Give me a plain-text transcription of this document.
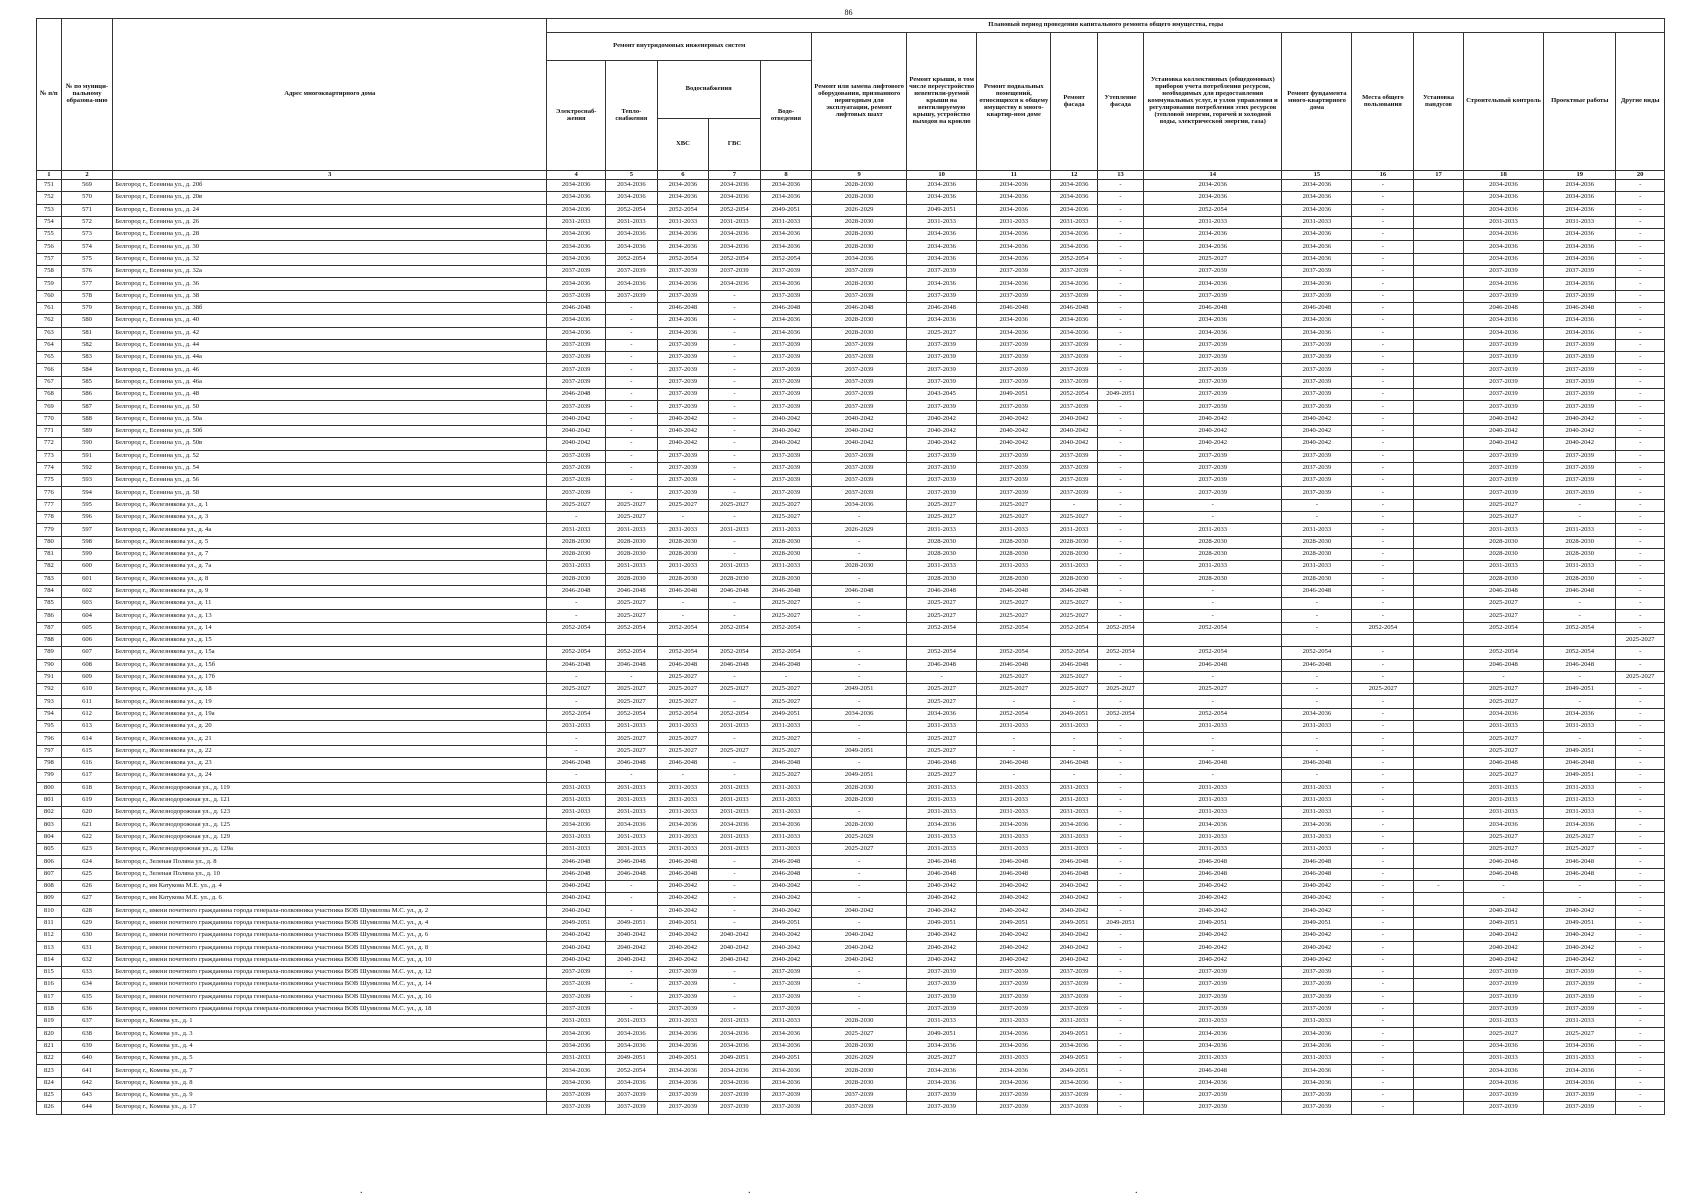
86
№ п/п	№ по муници-пальному образова-нию	Адрес многоквартирного дома	Плановый период проведения капитального ремонта общего имущества, годы																
			Ремонт внутридомовых инженерных систем					Ремонт или замена лифтового оборудования, признанного неригодным для эксплуатации, ремонт лифтовых шахт	Ремонт крыши, в том числе переустройство невентили-руемой крыши на вентилируемую крышу, устройство выходов на кровлю	Ремонт подвальных помещений, относящихся к общему имуществу в много-квартир-ном доме	Ремонт фасада	Утепление фасада	Установка коллективных (общедомовых) приборов учета потребления ресурсов, необходимых для предоставления коммунальных услуг, и узлов управления и регулирования потребления этих ресурсов (тепловой энергии, горячей и холодной воды, электрической энергии, газа)	Ремонт фундамента много-квартирного дома	Места общего пользования	Установка пандусов	Строительный контроль	Проектные работы	Другие виды
			Электроснаб-жения	Тепло-снабжения	Водоснабжения		Водо-отведения												
					ХВС	ГВС													
1	2	3	4	5	6	7	8	9	10	11	12	13	14	15	16	17	18	19	20
751	569	Белгород г., Есенина ул., д. 20б	2034-2036	2034-2036	2034-2036	2034-2036	2034-2036	2028-2030	2034-2036	2034-2036	2034-2036	-	2034-2036	2034-2036	-		2034-2036	2034-2036	-
752	570	Белгород г., Есенина ул., д. 20в	2034-2036	2034-2036	2034-2036	2034-2036	2034-2036	2028-2030	2034-2036	2034-2036	2034-2036	-	2034-2036	2034-2036	-		2034-2036	2034-2036	-
753	571	Белгород г., Есенина ул., д. 24	2034-2036	2052-2054	2052-2054	2052-2054	2049-2051	2026-2029	2049-2051	2034-2036	2034-2036	-	2052-2054	2034-2036	-		2034-2036	2034-2036	-
754	572	Белгород г., Есенина ул., д. 26	2031-2033	2031-2033	2031-2033	2031-2033	2031-2033	2028-2030	2031-2033	2031-2033	2031-2033	-	2031-2033	2031-2033	-		2031-2033	2031-2033	-
755	573	Белгород г., Есенина ул., д. 28	2034-2036	2034-2036	2034-2036	2034-2036	2034-2036	2028-2030	2034-2036	2034-2036	2034-2036	-	2034-2036	2034-2036	-		2034-2036	2034-2036	-
756	574	Белгород г., Есенина ул., д. 30	2034-2036	2034-2036	2034-2036	2034-2036	2034-2036	2028-2030	2034-2036	2034-2036	2034-2036	-	2034-2036	2034-2036	-		2034-2036	2034-2036	-
757	575	Белгород г., Есенина ул., д. 32	2034-2036	2052-2054	2052-2054	2052-2054	2052-2054	2034-2036	2034-2036	2034-2036	2052-2054	-	2025-2027	2034-2036	-		2034-2036	2034-2036	-
758	576	Белгород г., Есенина ул., д. 32а	2037-2039	2037-2039	2037-2039	2037-2039	2037-2039	2037-2039	2037-2039	2037-2039	2037-2039	-	2037-2039	2037-2039	-		2037-2039	2037-2039	-
759	577	Белгород г., Есенина ул., д. 36	2034-2036	2034-2036	2034-2036	2034-2036	2034-2036	2028-2030	2034-2036	2034-2036	2034-2036	-	2034-2036	2034-2036	-		2034-2036	2034-2036	-
760	578	Белгород г., Есенина ул., д. 38	2037-2039	2037-2039	2037-2039	-	2037-2039	2037-2039	2037-2039	2037-2039	2037-2039	-	2037-2039	2037-2039	-		2037-2039	2037-2039	-
761	579	Белгород г., Есенина ул., д. 38б	2046-2048	-	2046-2048	-	2046-2048	2046-2048	2046-2048	2046-2048	2046-2048	-	2046-2048	2046-2048	-		2046-2048	2046-2048	-
762	580	Белгород г., Есенина ул., д. 40	2034-2036	-	2034-2036	-	2034-2036	2028-2030	2034-2036	2034-2036	2034-2036	-	2034-2036	2034-2036	-		2034-2036	2034-2036	-
763	581	Белгород г., Есенина ул., д. 42	2034-2036	-	2034-2036	-	2034-2036	2028-2030	2025-2027	2034-2036	2034-2036	-	2034-2036	2034-2036	-		2034-2036	2034-2036	-
764	582	Белгород г., Есенина ул., д. 44	2037-2039	-	2037-2039	-	2037-2039	2037-2039	2037-2039	2037-2039	2037-2039	-	2037-2039	2037-2039	-		2037-2039	2037-2039	-
765	583	Белгород г., Есенина ул., д. 44а	2037-2039	-	2037-2039	-	2037-2039	2037-2039	2037-2039	2037-2039	2037-2039	-	2037-2039	2037-2039	-		2037-2039	2037-2039	-
766	584	Белгород г., Есенина ул., д. 46	2037-2039	-	2037-2039	-	2037-2039	2037-2039	2037-2039	2037-2039	2037-2039	-	2037-2039	2037-2039	-		2037-2039	2037-2039	-
767	585	Белгород г., Есенина ул., д. 46а	2037-2039	-	2037-2039	-	2037-2039	2037-2039	2037-2039	2037-2039	2037-2039	-	2037-2039	2037-2039	-		2037-2039	2037-2039	-
768	586	Белгород г., Есенина ул., д. 48	2046-2048	-	2037-2039	-	2037-2039	2037-2039	2043-2045	2049-2051	2052-2054	2049-2051	2037-2039	2037-2039	-		2037-2039	2037-2039	-
769	587	Белгород г., Есенина ул., д. 50	2037-2039	-	2037-2039	-	2037-2039	2037-2039	2037-2039	2037-2039	2037-2039	-	2037-2039	2037-2039	-		2037-2039	2037-2039	-
770	588	Белгород г., Есенина ул., д. 50а	2040-2042	-	2040-2042	-	2040-2042	2040-2042	2040-2042	2040-2042	2040-2042	-	2040-2042	2040-2042	-		2040-2042	2040-2042	-
771	589	Белгород г., Есенина ул., д. 50б	2040-2042	-	2040-2042	-	2040-2042	2040-2042	2040-2042	2040-2042	2040-2042	-	2040-2042	2040-2042	-		2040-2042	2040-2042	-
772	590	Белгород г., Есенина ул., д. 50в	2040-2042	-	2040-2042	-	2040-2042	2040-2042	2040-2042	2040-2042	2040-2042	-	2040-2042	2040-2042	-		2040-2042	2040-2042	-
773	591	Белгород г., Есенина ул., д. 52	2037-2039	-	2037-2039	-	2037-2039	2037-2039	2037-2039	2037-2039	2037-2039	-	2037-2039	2037-2039	-		2037-2039	2037-2039	-
774	592	Белгород г., Есенина ул., д. 54	2037-2039	-	2037-2039	-	2037-2039	2037-2039	2037-2039	2037-2039	2037-2039	-	2037-2039	2037-2039	-		2037-2039	2037-2039	-
775	593	Белгород г., Есенина ул., д. 56	2037-2039	-	2037-2039	-	2037-2039	2037-2039	2037-2039	2037-2039	2037-2039	-	2037-2039	2037-2039	-		2037-2039	2037-2039	-
776	594	Белгород г., Есенина ул., д. 58	2037-2039	-	2037-2039	-	2037-2039	2037-2039	2037-2039	2037-2039	2037-2039	-	2037-2039	2037-2039	-		2037-2039	2037-2039	-
777	595	Белгород г., Железнякова ул., д. 1	2025-2027	2025-2027	2025-2027	2025-2027	2025-2027	2034-2036	2025-2027	2025-2027	-	-	-	-	-		2025-2027	-	-
778	596	Белгород г., Железнякова ул., д. 3	-	2025-2027	-	-	2025-2027	-	2025-2027	2025-2027	2025-2027	-	-	-	-		2025-2027	-	-
779	597	Белгород г., Железнякова ул., д. 4а	2031-2033	2031-2033	2031-2033	2031-2033	2031-2033	2026-2029	2031-2033	2031-2033	2031-2033	-	2031-2033	2031-2033	-		2031-2033	2031-2033	-
780	598	Белгород г., Железнякова ул., д. 5	2028-2030	2028-2030	2028-2030	-	2028-2030	-	2028-2030	2028-2030	2028-2030	-	2028-2030	2028-2030	-		2028-2030	2028-2030	-
781	599	Белгород г., Железнякова ул., д. 7	2028-2030	2028-2030	2028-2030	-	2028-2030	-	2028-2030	2028-2030	2028-2030	-	2028-2030	2028-2030	-		2028-2030	2028-2030	-
782	600	Белгород г., Железнякова ул., д. 7а	2031-2033	2031-2033	2031-2033	2031-2033	2031-2033	2028-2030	2031-2033	2031-2033	2031-2033	-	2031-2033	2031-2033	-		2031-2033	2031-2033	-
783	601	Белгород г., Железнякова ул., д. 8	2028-2030	2028-2030	2028-2030	2028-2030	2028-2030	-	2028-2030	2028-2030	2028-2030	-	2028-2030	2028-2030	-		2028-2030	2028-2030	-
784	602	Белгород г., Железнякова ул., д. 9	2046-2048	2046-2048	2046-2048	2046-2048	2046-2048	2046-2048	2046-2048	2046-2048	2046-2048	-	-	2046-2048	-		2046-2048	2046-2048	-
785	603	Белгород г., Железнякова ул., д. 11	-	2025-2027	-	-	2025-2027	-	2025-2027	2025-2027	2025-2027	-	-	-	-		2025-2027	-	-
786	604	Белгород г., Железнякова ул., д. 13	-	2025-2027	-	-	2025-2027	-	2025-2027	2025-2027	2025-2027	-	-	-	-		2025-2027	-	-
787	605	Белгород г., Железнякова ул., д. 14	2052-2054	2052-2054	2052-2054	2052-2054	2052-2054	-	2052-2054	2052-2054	2052-2054	2052-2054	2052-2054	-	2052-2054		2052-2054	2052-2054	-
788	606	Белгород г., Железнякова ул., д. 15																	2025-2027
789	607	Белгород г., Железнякова ул., д. 15а	2052-2054	2052-2054	2052-2054	2052-2054	2052-2054	-	2052-2054	2052-2054	2052-2054	2052-2054	2052-2054	2052-2054	-		2052-2054	2052-2054	-
790	608	Белгород г., Железнякова ул., д. 15б	2046-2048	2046-2048	2046-2048	2046-2048	2046-2048	-	2046-2048	2046-2048	2046-2048	-	2046-2048	2046-2048	-		2046-2048	2046-2048	-
791	609	Белгород г., Железнякова ул., д. 17б	-	-	2025-2027	-	-	-	-	2025-2027	2025-2027	-	-	-	-		-	-	2025-2027
792	610	Белгород г., Железнякова ул., д. 18	2025-2027	2025-2027	2025-2027	2025-2027	2025-2027	2049-2051	2025-2027	2025-2027	2025-2027	2025-2027	2025-2027	-	2025-2027		2025-2027	2049-2051	-
793	611	Белгород г., Железнякова ул., д. 19	-	2025-2027	2025-2027	-	2025-2027	-	2025-2027	-	-	-	-	-	-		2025-2027	-	-
794	612	Белгород г., Железнякова ул., д. 19а	2052-2054	2052-2054	2052-2054	2052-2054	2049-2051	2034-2036	2034-2036	2052-2054	2049-2051	2052-2054	2052-2054	2034-2036	-		2034-2036	2034-2036	-
795	613	Белгород г., Железнякова ул., д. 20	2031-2033	2031-2033	2031-2033	2031-2033	2031-2033	-	2031-2033	2031-2033	2031-2033	-	2031-2033	2031-2033	-		2031-2033	2031-2033	-
796	614	Белгород г., Железнякова ул., д. 21	-	2025-2027	2025-2027	-	2025-2027	-	2025-2027	-	-	-	-	-	-		2025-2027	-	-
797	615	Белгород г., Железнякова ул., д. 22	-	2025-2027	2025-2027	2025-2027	2025-2027	2049-2051	2025-2027	-	-	-	-	-	-		2025-2027	2049-2051	-
798	616	Белгород г., Железнякова ул., д. 23	2046-2048	2046-2048	2046-2048	-	2046-2048	-	2046-2048	2046-2048	2046-2048	-	2046-2048	2046-2048	-		2046-2048	2046-2048	-
799	617	Белгород г., Железнякова ул., д. 24	-	-	-	-	2025-2027	2049-2051	2025-2027	-	-	-	-	-	-		2025-2027	2049-2051	-
800	618	Белгород г., Железнодорожная ул., д. 119	2031-2033	2031-2033	2031-2033	2031-2033	2031-2033	2028-2030	2031-2033	2031-2033	2031-2033	-	2031-2033	2031-2033	-		2031-2033	2031-2033	-
801	619	Белгород г., Железнодорожная ул., д. 121	2031-2033	2031-2033	2031-2033	2031-2033	2031-2033	2028-2030	2031-2033	2031-2033	2031-2033	-	2031-2033	2031-2033	-		2031-2033	2031-2033	-
802	620	Белгород г., Железнодорожная ул., д. 123	2031-2033	2031-2033	2031-2033	2031-2033	2031-2033	-	2031-2033	2031-2033	2031-2033	-	2031-2033	2031-2033	-		2031-2033	2031-2033	-
803	621	Белгород г., Железнодорожная ул., д. 125	2034-2036	2034-2036	2034-2036	2034-2036	2034-2036	2028-2030	2034-2036	2034-2036	2034-2036	-	2034-2036	2034-2036	-		2034-2036	2034-2036	-
804	622	Белгород г., Железнодорожная ул., д. 129	2031-2033	2031-2033	2031-2033	2031-2033	2031-2033	2025-2029	2031-2033	2031-2033	2031-2033	-	2031-2033	2031-2033	-		2025-2027	2025-2027	-
805	623	Белгород г., Железнодорожная ул., д. 129а	2031-2033	2031-2033	2031-2033	2031-2033	2031-2033	2025-2027	2031-2033	2031-2033	2031-2033	-	2031-2033	2031-2033	-		2025-2027	2025-2027	-
806	624	Белгород г., Зеленая Поляна ул., д. 8	2046-2048	2046-2048	2046-2048	-	2046-2048	-	2046-2048	2046-2048	2046-2048	-	2046-2048	2046-2048	-		2046-2048	2046-2048	-
807	625	Белгород г., Зеленая Поляна ул., д. 10	2046-2048	2046-2048	2046-2048	-	2046-2048	-	2046-2048	2046-2048	2046-2048	-	2046-2048	2046-2048	-		2046-2048	2046-2048	-
808	626	Белгород г., им Катукова М.Е. ул., д. 4	2040-2042	-	2040-2042	-	2040-2042	-	2040-2042	2040-2042	2040-2042	-	2040-2042	2040-2042	-	-	-	-	-
809	627	Белгород г., им Катукова М.Е. ул., д. 6	2040-2042	-	2040-2042	-	2040-2042	-	2040-2042	2040-2042	2040-2042	-	2040-2042	2040-2042	-		-	-	-
810	628	Белгород г., имени почетного гражданина города генерала-полковника участника ВОВ Шумилова М.С. ул., д. 2	2040-2042	-	2040-2042	-	2040-2042	2040-2042	2040-2042	2040-2042	2040-2042	-	2040-2042	2040-2042	-		2040-2042	2040-2042	-
811	629	Белгород г., имени почетного гражданина города генерала-полковника участника ВОВ Шумилова М.С. ул., д. 4	2049-2051	2049-2051	2049-2051	-	2049-2051	-	2049-2051	2049-2051	2049-2051	2049-2051	2049-2051	2049-2051	-		2049-2051	2049-2051	-
812	630	Белгород г., имени почетного гражданина города генерала-полковника участника ВОВ Шумилова М.С. ул., д. 6	2040-2042	2040-2042	2040-2042	2040-2042	2040-2042	2040-2042	2040-2042	2040-2042	2040-2042	-	2040-2042	2040-2042	-		2040-2042	2040-2042	-
813	631	Белгород г., имени почетного гражданина города генерала-полковника участника ВОВ Шумилова М.С. ул., д. 8	2040-2042	2040-2042	2040-2042	2040-2042	2040-2042	2040-2042	2040-2042	2040-2042	2040-2042	-	2040-2042	2040-2042	-		2040-2042	2040-2042	-
814	632	Белгород г., имени почетного гражданина города генерала-полковника участника ВОВ Шумилова М.С. ул., д. 10	2040-2042	2040-2042	2040-2042	2040-2042	2040-2042	2040-2042	2040-2042	2040-2042	2040-2042	-	2040-2042	2040-2042	-		2040-2042	2040-2042	-
815	633	Белгород г., имени почетного гражданина города генерала-полковника участника ВОВ Шумилова М.С. ул., д. 12	2037-2039	-	2037-2039	-	2037-2039	-	2037-2039	2037-2039	2037-2039	-	2037-2039	2037-2039	-		2037-2039	2037-2039	-
816	634	Белгород г., имени почетного гражданина города генерала-полковника участника ВОВ Шумилова М.С. ул., д. 14	2037-2039	-	2037-2039	-	2037-2039	-	2037-2039	2037-2039	2037-2039	-	2037-2039	2037-2039	-		2037-2039	2037-2039	-
817	635	Белгород г., имени почетного гражданина города генерала-полковника участника ВОВ Шумилова М.С. ул., д. 16	2037-2039	-	2037-2039	-	2037-2039	-	2037-2039	2037-2039	2037-2039	-	2037-2039	2037-2039	-		2037-2039	2037-2039	-
818	636	Белгород г., имени почетного гражданина города генерала-полковника участника ВОВ Шумилова М.С. ул., д. 18	2037-2039	-	2037-2039	-	2037-2039	-	2037-2039	2037-2039	2037-2039	-	2037-2039	2037-2039	-		2037-2039	2037-2039	-
819	637	Белгород г., Комева ул., д. 1	2031-2033	2031-2033	2031-2033	2031-2033	2031-2033	2028-2030	2031-2033	2031-2033	2031-2033	-	2031-2033	2031-2033	-		2031-2033	2031-2033	-
820	638	Белгород г., Комева ул., д. 3	2034-2036	2034-2036	2034-2036	2034-2036	2034-2036	2025-2027	2049-2051	2034-2036	2049-2051	-	2034-2036	2034-2036	-		2025-2027	2025-2027	-
821	639	Белгород г., Комева ул., д. 4	2034-2036	2034-2036	2034-2036	2034-2036	2034-2036	2028-2030	2034-2036	2034-2036	2034-2036	-	2034-2036	2034-2036	-		2034-2036	2034-2036	-
822	640	Белгород г., Комева ул., д. 5	2031-2033	2049-2051	2049-2051	2049-2051	2049-2051	2026-2029	2025-2027	2031-2033	2049-2051	-	2031-2033	2031-2033	-		2031-2033	2031-2033	-
823	641	Белгород г., Комева ул., д. 7	2034-2036	2052-2054	2034-2036	2034-2036	2034-2036	2028-2030	2034-2036	2034-2036	2049-2051	-	2046-2048	2034-2036	-		2034-2036	2034-2036	-
824	642	Белгород г., Комева ул., д. 8	2034-2036	2034-2036	2034-2036	2034-2036	2034-2036	2028-2030	2034-2036	2034-2036	2034-2036	-	2034-2036	2034-2036	-		2034-2036	2034-2036	-
825	643	Белгород г., Комева ул., д. 9	2037-2039	2037-2039	2037-2039	2037-2039	2037-2039	2037-2039	2037-2039	2037-2039	2037-2039	-	2037-2039	2037-2039	-		2037-2039	2037-2039	-
826	644	Белгород г., Комева ул., д. 17	2037-2039	2037-2039	2037-2039	2037-2039	2037-2039	2037-2039	2037-2039	2037-2039	2037-2039	-	2037-2039	2037-2039	-		2037-2039	2037-2039	-
.	.	.
